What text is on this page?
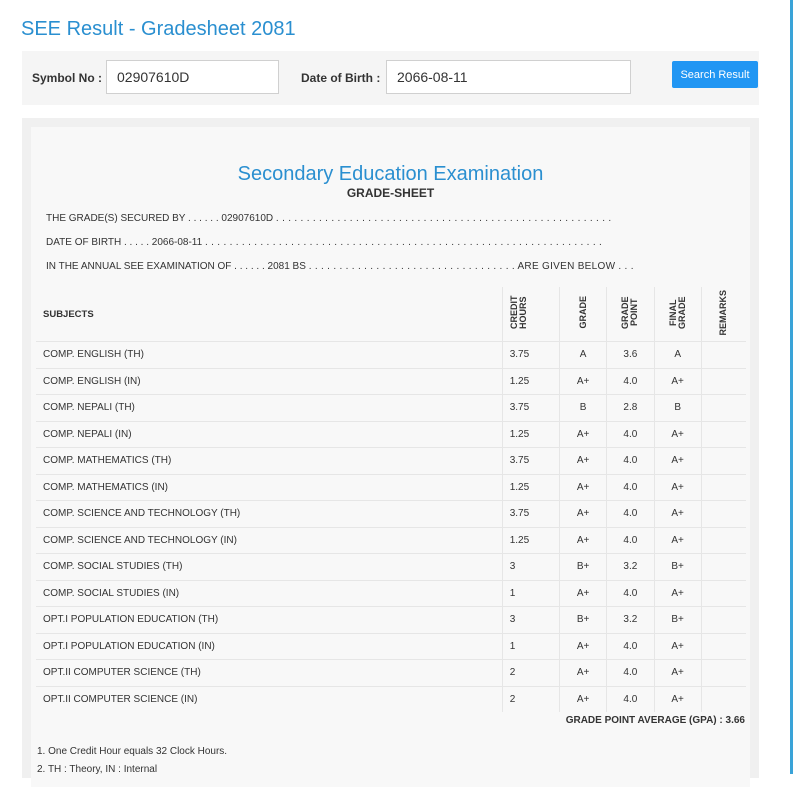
SEE Result - Gradesheet 2081
Symbol No :
02907610D	Date of Birth :
2066-08-11	Search Result
Secondary Education Examination
GRADE-SHEET
THE GRADE(S) SECURED BY . . . . . . 02907610D . . . . . . . . . . . . . . . . . . . . . . . . . . . . . . . . . . . . . . . . . . . . . . . . . . . . . . .
DATE OF BIRTH . . . . . 2066-08-11 . . . . . . . . . . . . . . . . . . . . . . . . . . . . . . . . . . . . . . . . . . . . . . . . . . . . . . . . . . . . . . . . .
IN THE ANNUAL SEE EXAMINATION OF . . . . . . 2081 BS . . . . . . . . . . . . . . . . . . . . . . . . . . . . . . . . . . ARE GIVEN BELOW . . .
SUBJECTS	CREDIT HOURS	GRADE	GRADE POINT	FINAL GRADE	REMARKS
COMP. ENGLISH (TH)	3.75	A	3.6	A	
COMP. ENGLISH (IN)	1.25	A+	4.0	A+	
COMP. NEPALI (TH)	3.75	B	2.8	B	
COMP. NEPALI (IN)	1.25	A+	4.0	A+	
COMP. MATHEMATICS (TH)	3.75	A+	4.0	A+	
COMP. MATHEMATICS (IN)	1.25	A+	4.0	A+	
COMP. SCIENCE AND TECHNOLOGY (TH)	3.75	A+	4.0	A+	
COMP. SCIENCE AND TECHNOLOGY (IN)	1.25	A+	4.0	A+	
COMP. SOCIAL STUDIES (TH)	3	B+	3.2	B+	
COMP. SOCIAL STUDIES (IN)	1	A+	4.0	A+	
OPT.I POPULATION EDUCATION (TH)	3	B+	3.2	B+	
OPT.I POPULATION EDUCATION (IN)	1	A+	4.0	A+	
OPT.II COMPUTER SCIENCE (TH)	2	A+	4.0	A+	
OPT.II COMPUTER SCIENCE (IN)	2	A+	4.0	A+	
GRADE POINT AVERAGE (GPA) : 3.66
1. One Credit Hour equals 32 Clock Hours.
2. TH : Theory, IN : Internal
